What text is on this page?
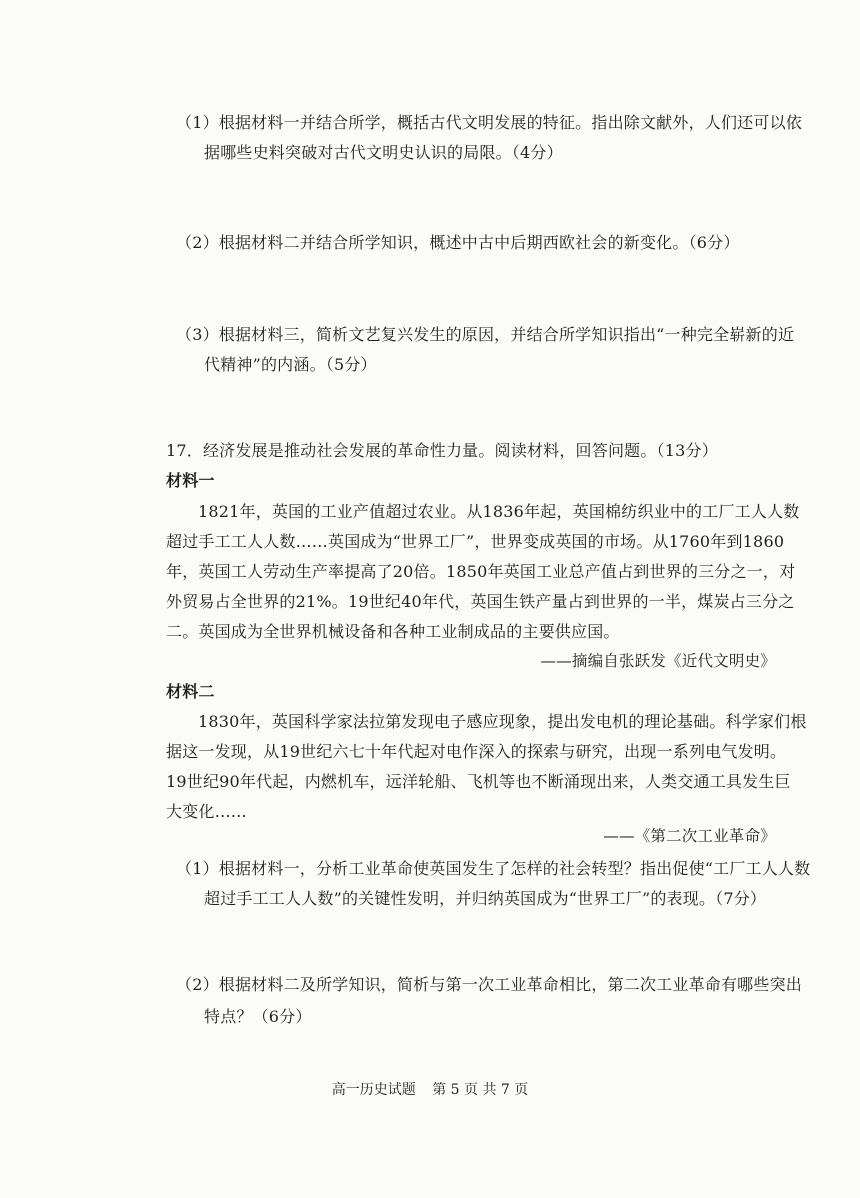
（1）根据材料一并结合所学，概括古代文明发展的特征。指出除文献外，人们还可以依
据哪些史料突破对古代文明史认识的局限。（4分）
（2）根据材料二并结合所学知识，概述中古中后期西欧社会的新变化。（6分）
（3）根据材料三，简析文艺复兴发生的原因，并结合所学知识指出“一种完全崭新的近
代精神”的内涵。（5分）
17．经济发展是推动社会发展的革命性力量。阅读材料，回答问题。（13分）
材料一
1821年，英国的工业产值超过农业。从1836年起，英国棉纺织业中的工厂工人人数
超过手工工人人数……英国成为“世界工厂”，世界变成英国的市场。从1760年到1860
年，英国工人劳动生产率提高了20倍。1850年英国工业总产值占到世界的三分之一，对
外贸易占全世界的21%。19世纪40年代，英国生铁产量占到世界的一半，煤炭占三分之
二。英国成为全世界机械设备和各种工业制成品的主要供应国。
——摘编自张跃发《近代文明史》
材料二
1830年，英国科学家法拉第发现电子感应现象，提出发电机的理论基础。科学家们根
据这一发现，从19世纪六七十年代起对电作深入的探索与研究，出现一系列电气发明。
19世纪90年代起，内燃机车，远洋轮船、飞机等也不断涌现出来，人类交通工具发生巨
大变化……
——《第二次工业革命》
（1）根据材料一，分析工业革命使英国发生了怎样的社会转型？指出促使“工厂工人人数
超过手工工人人数”的关键性发明，并归纳英国成为“世界工厂”的表现。（7分）
（2）根据材料二及所学知识，简析与第一次工业革命相比，第二次工业革命有哪些突出
特点？（6分）
高一历史试题 第 5 页 共 7 页
